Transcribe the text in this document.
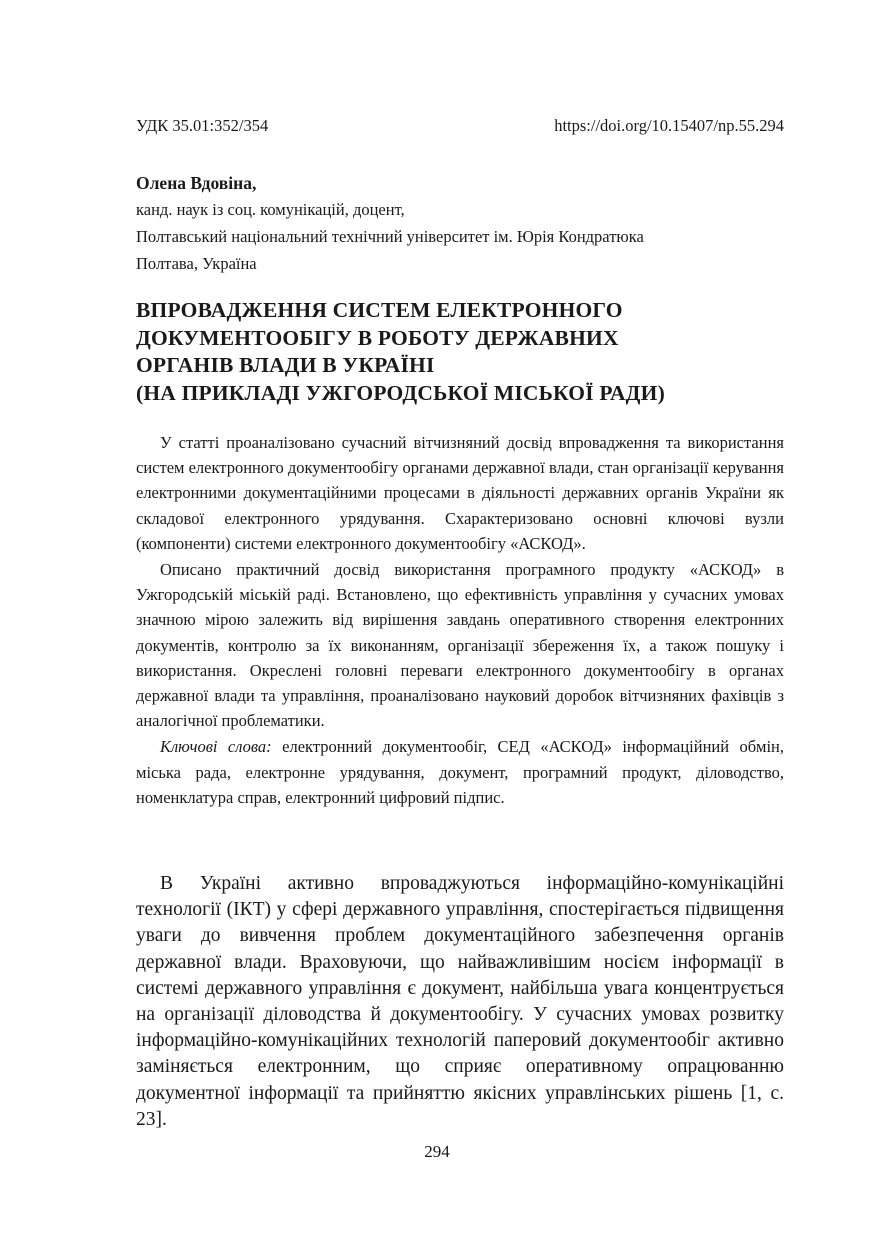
УДК 35.01:352/354	https://doi.org/10.15407/np.55.294
Олена Вдовіна,
канд. наук із соц. комунікацій, доцент,
Полтавський національний технічний університет ім. Юрія Кондратюка
Полтава, Україна
ВПРОВАДЖЕННЯ СИСТЕМ ЕЛЕКТРОННОГО
ДОКУМЕНТООБІГУ В РОБОТУ ДЕРЖАВНИХ
ОРГАНІВ ВЛАДИ В УКРАЇНІ
(НА ПРИКЛАДІ УЖГОРОДСЬКОЇ МІСЬКОЇ РАДИ)

У статті проаналізовано сучасний вітчизняний досвід впровадження та використання систем електронного документообігу органами державної влади, стан організації керування електронними документаційними процесами в діяльності державних органів України як складової електронного урядування. Схарактеризовано основні ключові вузли (компоненти) системи електронного документообігу «АСКОД».

Описано практичний досвід використання програмного продукту «АСКОД» в Ужгородській міській раді. Встановлено, що ефективність управління у сучасних умовах значною мірою залежить від вирішення завдань оперативного створення електронних документів, контролю за їх виконанням, організації збереження їх, а також пошуку і використання. Окреслені головні переваги електронного документообігу в органах державної влади та управління, проаналізовано науковий доробок вітчизняних фахівців з аналогічної проблематики.

Ключові слова: електронний документообіг, СЕД «АСКОД» інформаційний обмін, міська рада, електронне урядування, документ, програмний продукт, діловодство, номенклатура справ, електронний цифровий підпис.

В Україні активно впроваджуються інформаційно-комунікаційні технології (ІКТ) у сфері державного управління, спостерігається підвищення уваги до вивчення проблем документаційного забезпечення органів державної влади. Враховуючи, що найважливішим носієм інформації в системі державного управління є документ, найбільша увага концентрується на організації діловодства й документообігу. У сучасних умовах розвитку інформаційно-комунікаційних технологій паперовий документообіг активно заміняється електронним, що сприяє оперативному опрацюванню документної інформації та прийняттю якісних управлінських рішень [1, с. 23].

294
